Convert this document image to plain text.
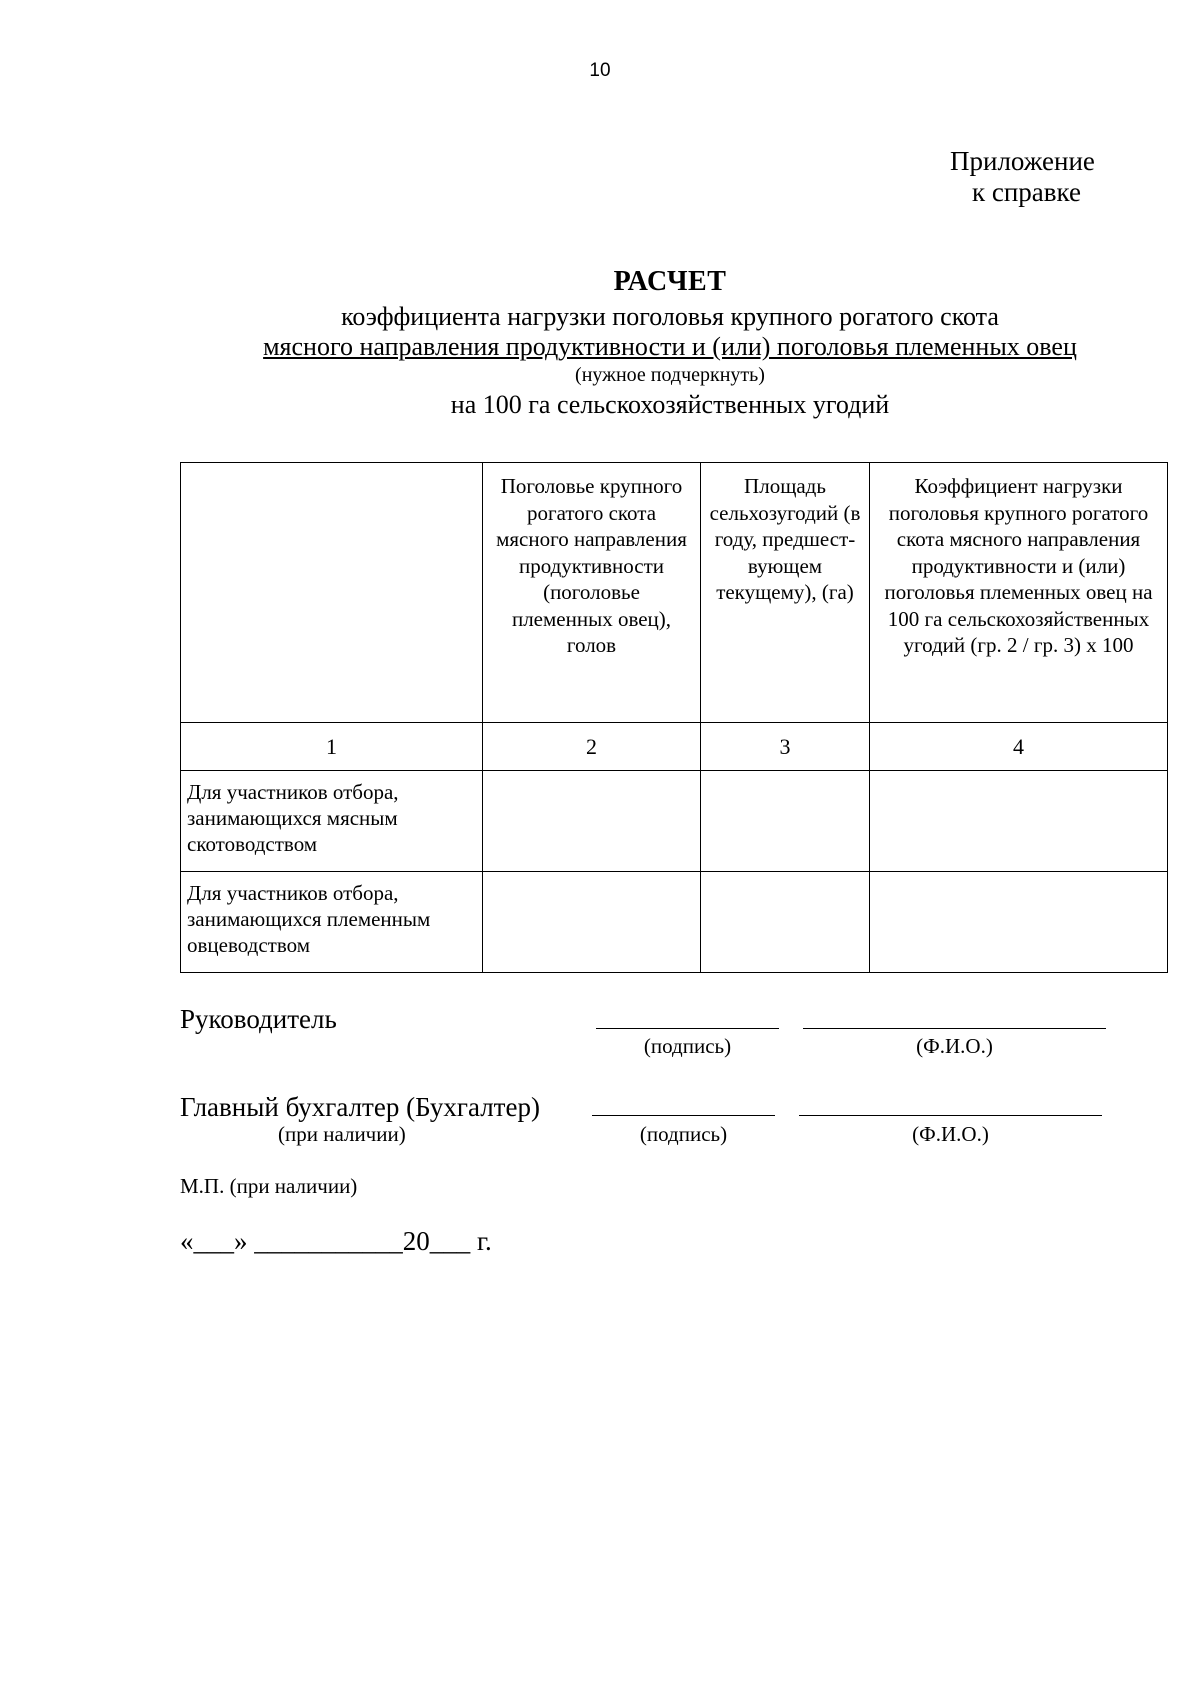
10
Приложение
к справке
РАСЧЕТ
коэффициента нагрузки поголовья крупного рогатого скота
мясного направления продуктивности и (или) поголовья племенных овец
(нужное подчеркнуть)
на 100 га сельскохозяйственных угодий
	Поголовье крупного рогатого скота мясного направления продуктивности (поголовье племенных овец), голов	Площадь сельхозугодий (в году, предшест-вующем текущему), (га)	Коэффициент нагрузки поголовья крупного рогатого скота мясного направления продуктивности и (или) поголовья племенных овец на 100 га сельскохозяйственных угодий (гр. 2 / гр. 3) х 100
1	2	3	4
Для участников отбора, занимающихся мясным скотоводством			
Для участников отбора, занимающихся племенным овцеводством			
Руководитель
(подпись)	(Ф.И.О.)
Главный бухгалтер (Бухгалтер)
(при наличии)	(подпись)	(Ф.И.О.)
М.П. (при наличии)
«___» ___________20___ г.
